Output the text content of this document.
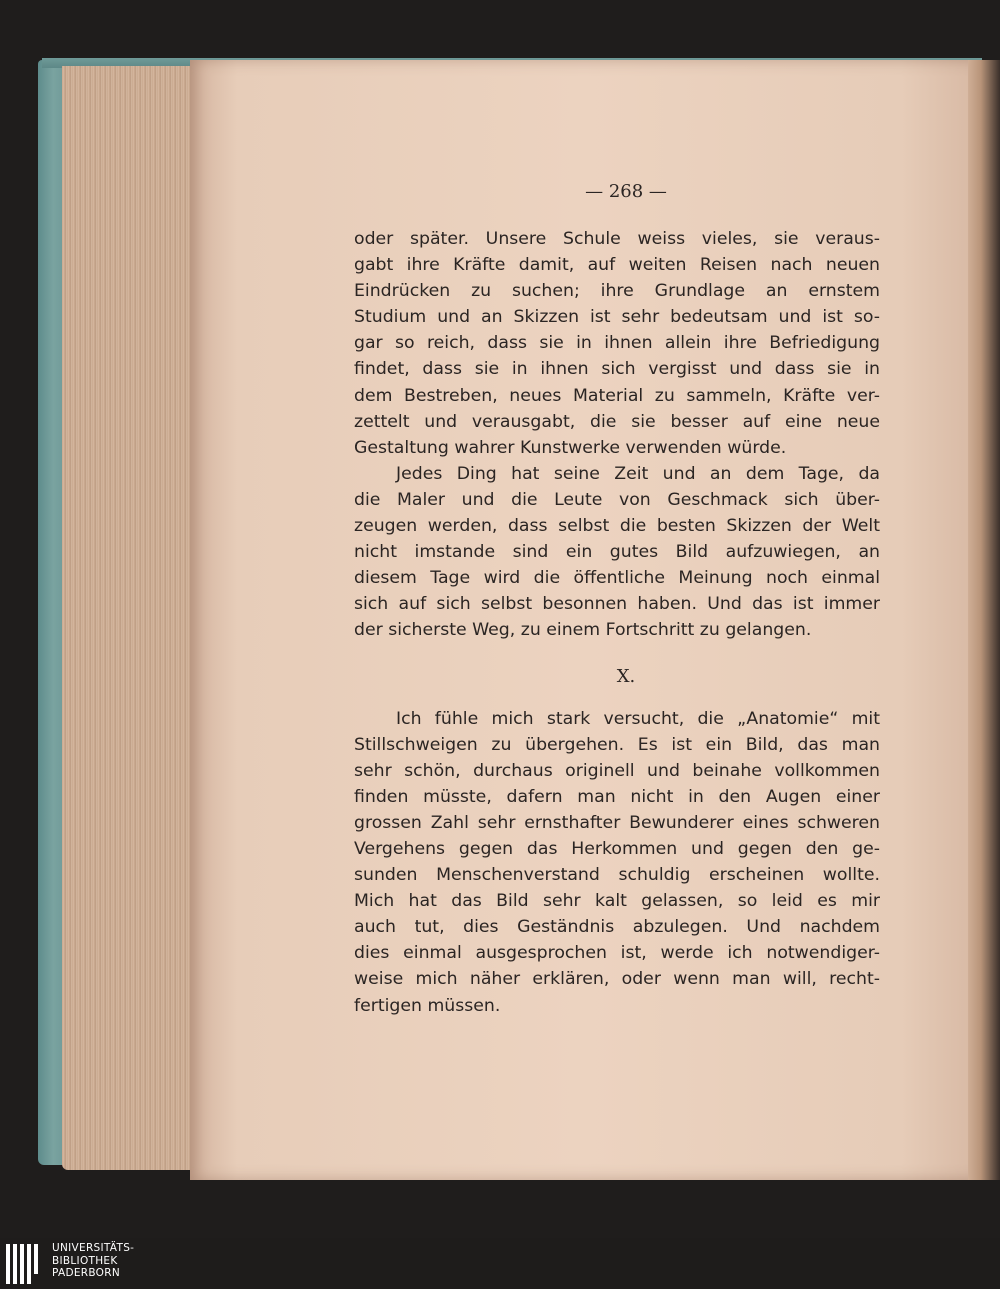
— 268 —
oder später. Unsere Schule weiss vieles, sie veraus-
gabt ihre Kräfte damit, auf weiten Reisen nach neuen
Eindrücken zu suchen; ihre Grundlage an ernstem
Studium und an Skizzen ist sehr bedeutsam und ist so-
gar so reich, dass sie in ihnen allein ihre Befriedigung
findet, dass sie in ihnen sich vergisst und dass sie in
dem Bestreben, neues Material zu sammeln, Kräfte ver-
zettelt und verausgabt, die sie besser auf eine neue
Gestaltung wahrer Kunstwerke verwenden würde.
Jedes Ding hat seine Zeit und an dem Tage, da
die Maler und die Leute von Geschmack sich über-
zeugen werden, dass selbst die besten Skizzen der Welt
nicht imstande sind ein gutes Bild aufzuwiegen, an
diesem Tage wird die öffentliche Meinung noch einmal
sich auf sich selbst besonnen haben. Und das ist immer
der sicherste Weg, zu einem Fortschritt zu gelangen.
X.
Ich fühle mich stark versucht, die „Anatomie“ mit
Stillschweigen zu übergehen. Es ist ein Bild, das man
sehr schön, durchaus originell und beinahe vollkommen
finden müsste, dafern man nicht in den Augen einer
grossen Zahl sehr ernsthafter Bewunderer eines schweren
Vergehens gegen das Herkommen und gegen den ge-
sunden Menschenverstand schuldig erscheinen wollte.
Mich hat das Bild sehr kalt gelassen, so leid es mir
auch tut, dies Geständnis abzulegen. Und nachdem
dies einmal ausgesprochen ist, werde ich notwendiger-
weise mich näher erklären, oder wenn man will, recht-
fertigen müssen.
UNIVERSITÄTS-
BIBLIOTHEK
PADERBORN
